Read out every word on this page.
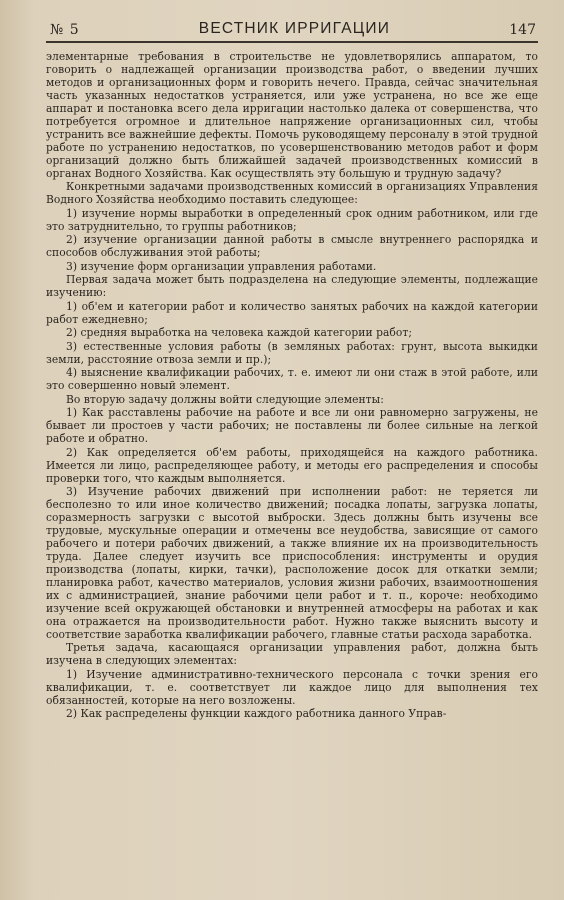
№ 5	ВЕСТНИК ИРРИГАЦИИ	147

элементарные требования в строительстве не удовлетворялись аппаратом, то говорить о надлежащей организации производства работ, о введении лучших методов и организационных форм и говорить нечего. Правда, сейчас значительная часть указанных недостатков устраняется, или уже устранена, но все же еще аппарат и постановка всего дела ирригации настолько далека от совершенства, что потребуется огромное и длительное напряжение организационных сил, чтобы устранить все важнейшие дефекты. Помочь руководящему персоналу в этой трудной работе по устранению недостатков, по усовершенствованию методов работ и форм организаций должно быть ближайшей задачей производственных комиссий в органах Водного Хозяйства. Как осуществлять эту большую и трудную задачу?

Конкретными задачами производственных комиссий в организациях Управления Водного Хозяйства необходимо поставить следующее:

1) изучение нормы выработки в определенный срок одним работником, или где это затруднительно, то группы работников;

2) изучение организации данной работы в смысле внутреннего распорядка и способов обслуживания этой работы;

3) изучение форм организации управления работами.

Первая задача может быть подразделена на следующие элементы, подлежащие изучению:

1) об'ем и категории работ и количество занятых рабочих на каждой категории работ ежедневно;

2) средняя выработка на человека каждой категории работ;

3) естественные условия работы (в земляных работах: грунт, высота выкидки земли, расстояние отвоза земли и пр.);

4) выяснение квалификации рабочих, т. е. имеют ли они стаж в этой работе, или это совершенно новый элемент.

Во вторую задачу должны войти следующие элементы:

1) Как расставлены рабочие на работе и все ли они равномерно загружены, не бывает ли простоев у части рабочих; не поставлены ли более сильные на легкой работе и обратно.

2) Как определяется об'ем работы, приходящейся на каждого работника. Имеется ли лицо, распределяющее работу, и методы его распределения и способы проверки того, что каждым выполняется.

3) Изучение рабочих движений при исполнении работ: не теряется ли бесполезно то или иное количество движений; посадка лопаты, загрузка лопаты, соразмерность загрузки с высотой выброски. Здесь должны быть изучены все трудовые, мускульные операции и отмечены все неудобства, зависящие от самого рабочего и потери рабочих движений, а также влияние их на производительность труда. Далее следует изучить все приспособления: инструменты и орудия производства (лопаты, кирки, тачки), расположение досок для откатки земли; планировка работ, качество материалов, условия жизни рабочих, взаимоотношения их с администрацией, знание рабочими цели работ и т. п., короче: необходимо изучение всей окружающей обстановки и внутренней атмосферы на работах и как она отражается на производительности работ. Нужно также выяснить высоту и соответствие заработка квалификации рабочего, главные статьи расхода заработка.

Третья задача, касающаяся организации управления работ, должна быть изучена в следующих элементах:

1) Изучение административно-технического персонала с точки зрения его квалификации, т. е. соответствует ли каждое лицо для выполнения тех обязанностей, которые на него возложены.

2) Как распределены функции каждого работника данного Управ-
